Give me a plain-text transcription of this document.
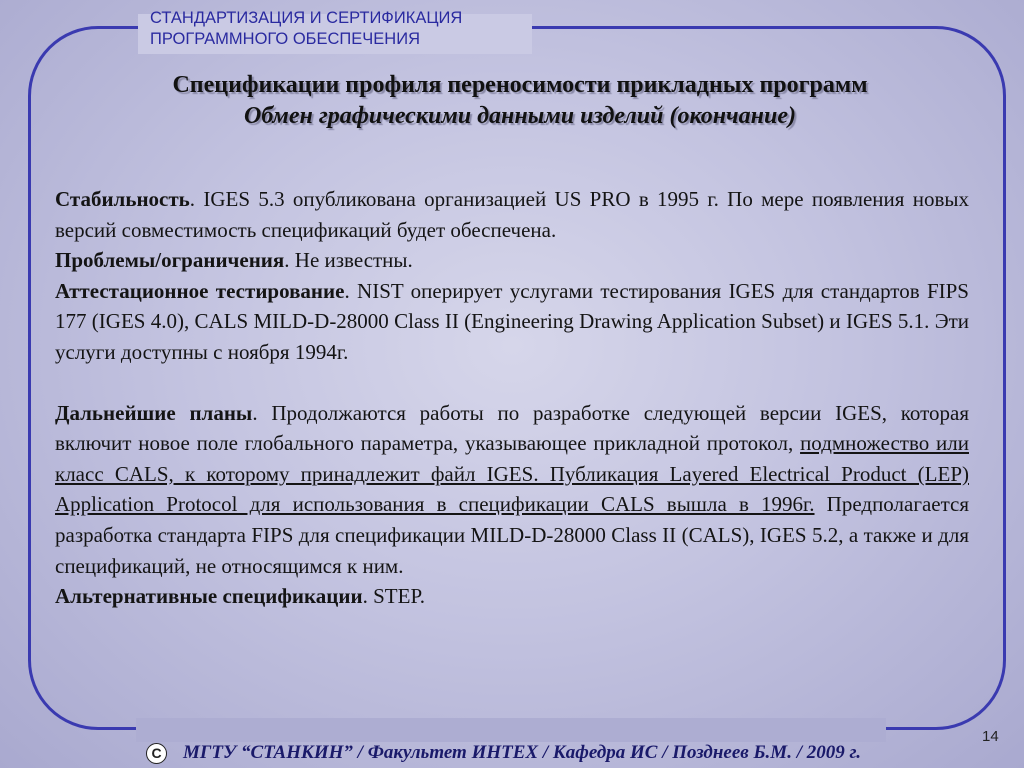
СТАНДАРТИЗАЦИЯ И СЕРТИФИКАЦИЯ
ПРОГРАММНОГО ОБЕСПЕЧЕНИЯ
Спецификации профиля переносимости прикладных программ
Обмен графическими данными изделий (окончание)

Стабильность. IGES 5.3 опубликована организацией US PRO в 1995 г. По мере появления новых версий совместимость спецификаций будет обеспечена.

Проблемы/ограничения. Не известны.

Аттестационное тестирование. NIST оперирует услугами тестирования IGES для стандартов FIPS 177 (IGES 4.0), CALS MILD-D-28000 Class II (Engineering Drawing Application Subset) и IGES 5.1. Эти услуги доступны с ноября 1994г.

Дальнейшие планы. Продолжаются работы по разработке следующей версии IGES, которая включит новое поле глобального параметра, указывающее прикладной протокол, подмножество или класс CALS, к которому принадлежит файл IGES. Публикация Layered Electrical Product (LEP) Application Protocol для использования в спецификации CALS вышла в 1996г. Предполагается разработка стандарта FIPS для спецификации MILD-D-28000 Class II (CALS), IGES 5.2, а также и для спецификаций, не относящимся к ним.

Альтернативные спецификации. STEP.

C МГТУ “СТАНКИН” / Факультет ИНТЕХ / Кафедра ИС / Позднеев Б.М. / 2009 г.
14
